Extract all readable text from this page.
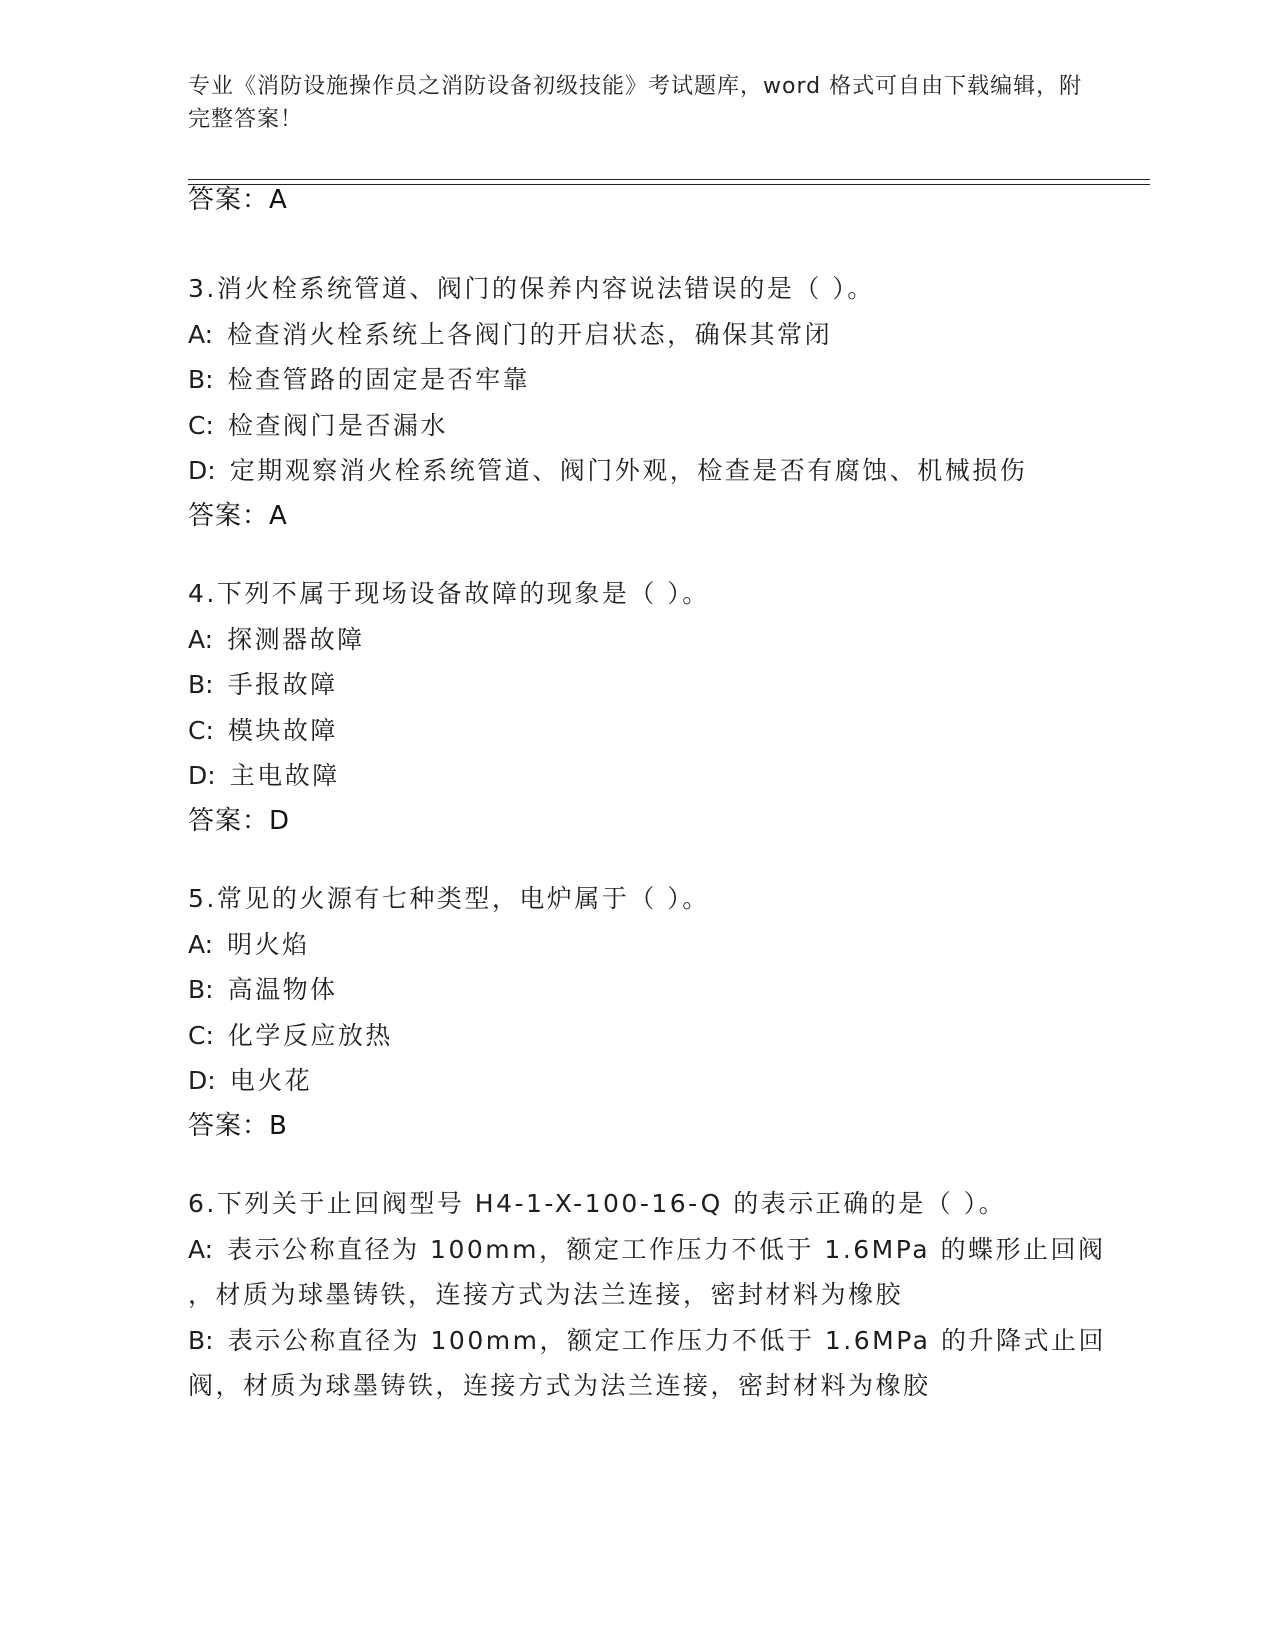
专业《消防设施操作员之消防设备初级技能》考试题库，word 格式可自由下载编辑，附完整答案！
答案：A
3.消火栓系统管道、阀门的保养内容说法错误的是（ ）。
A: 检查消火栓系统上各阀门的开启状态，确保其常闭
B: 检查管路的固定是否牢靠
C: 检查阀门是否漏水
D: 定期观察消火栓系统管道、阀门外观，检查是否有腐蚀、机械损伤
答案：A
4.下列不属于现场设备故障的现象是（ ）。
A: 探测器故障
B: 手报故障
C: 模块故障
D: 主电故障
答案：D
5.常见的火源有七种类型，电炉属于（ ）。
A: 明火焰
B: 高温物体
C: 化学反应放热
D: 电火花
答案：B
6.下列关于止回阀型号 H4-1-X-100-16-Q 的表示正确的是（ ）。
A: 表示公称直径为 100mm，额定工作压力不低于 1.6MPa 的蝶形止回阀
，材质为球墨铸铁，连接方式为法兰连接，密封材料为橡胶
B: 表示公称直径为 100mm，额定工作压力不低于 1.6MPa 的升降式止回
阀，材质为球墨铸铁，连接方式为法兰连接，密封材料为橡胶
